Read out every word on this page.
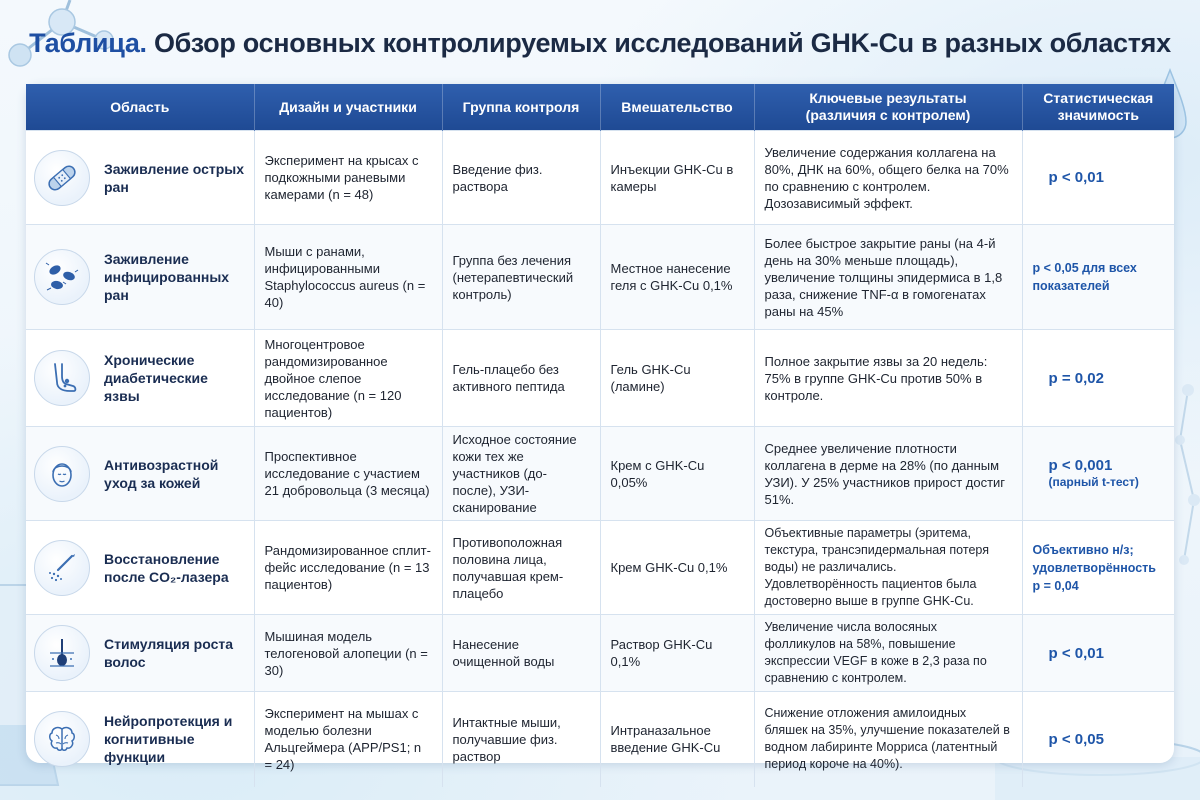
Таблица. Обзор основных контролируемых исследований GHK-Cu в разных областях
Область	Дизайн и участники	Группа контроля	Вмешательство	Ключевые результаты (различия с контролем)	Статистическая значимость

Заживление острых ран	Эксперимент на крысах с подкожными раневыми камерами (n = 48)	Введение физ. раствора	Инъекции GHK-Cu в камеры	Увеличение содержания коллагена на 80%, ДНК на 60%, общего белка на 70% по сравнению с контролем. Дозозависимый эффект.	p < 0,01

Заживление инфицированных ран	Мыши с ранами, инфицированными Staphylococcus aureus (n = 40)	Группа без лечения (нетерапевтический контроль)	Местное нанесение геля с GHK-Cu 0,1%	Более быстрое закрытие раны (на 4-й день на 30% меньше площадь), увеличение толщины эпидермиса в 1,8 раза, снижение TNF-α в гомогенатах раны на 45%	p < 0,05 для всех показателей

Хронические диабетические язвы	Многоцентровое рандомизированное двойное слепое исследование (n = 120 пациентов)	Гель-плацебо без активного пептида	Гель GHK-Cu (ламине)	Полное закрытие язвы за 20 недель: 75% в группе GHK-Cu против 50% в контроле.	p = 0,02

Антивозрастной уход за кожей	Проспективное исследование с участием 21 добровольца (3 месяца)	Исходное состояние кожи тех же участников (до-после), УЗИ-сканирование	Крем с GHK-Cu 0,05%	Среднее увеличение плотности коллагена в дерме на 28% (по данным УЗИ). У 25% участников прирост достиг 51%.	p < 0,001
(парный t-тест)

Восстановление после CO₂-лазера	Рандомизированное сплит-фейс исследование (n = 13 пациентов)	Противоположная половина лица, получавшая крем-плацебо	Крем GHK-Cu 0,1%	Объективные параметры (эритема, текстура, трансэпидермальная потеря воды) не различались. Удовлетворённость пациентов была достоверно выше в группе GHK-Cu.	Объективно н/з; удовлетворённость p = 0,04

Стимуляция роста волос	Мышиная модель телогеновой алопеции (n = 30)	Нанесение очищенной воды	Раствор GHK-Cu 0,1%	Увеличение числа волосяных фолликулов на 58%, повышение экспрессии VEGF в коже в 2,3 раза по сравнению с контролем.	p < 0,01

Нейропротекция и когнитивные функции	Эксперимент на мышах с моделью болезни Альцгеймера (APP/PS1; n = 24)	Интактные мыши, получавшие физ. раствор	Интраназальное введение GHK-Cu	Снижение отложения амилоидных бляшек на 35%, улучшение показателей в водном лабиринте Морриса (латентный период короче на 40%).	p < 0,05
